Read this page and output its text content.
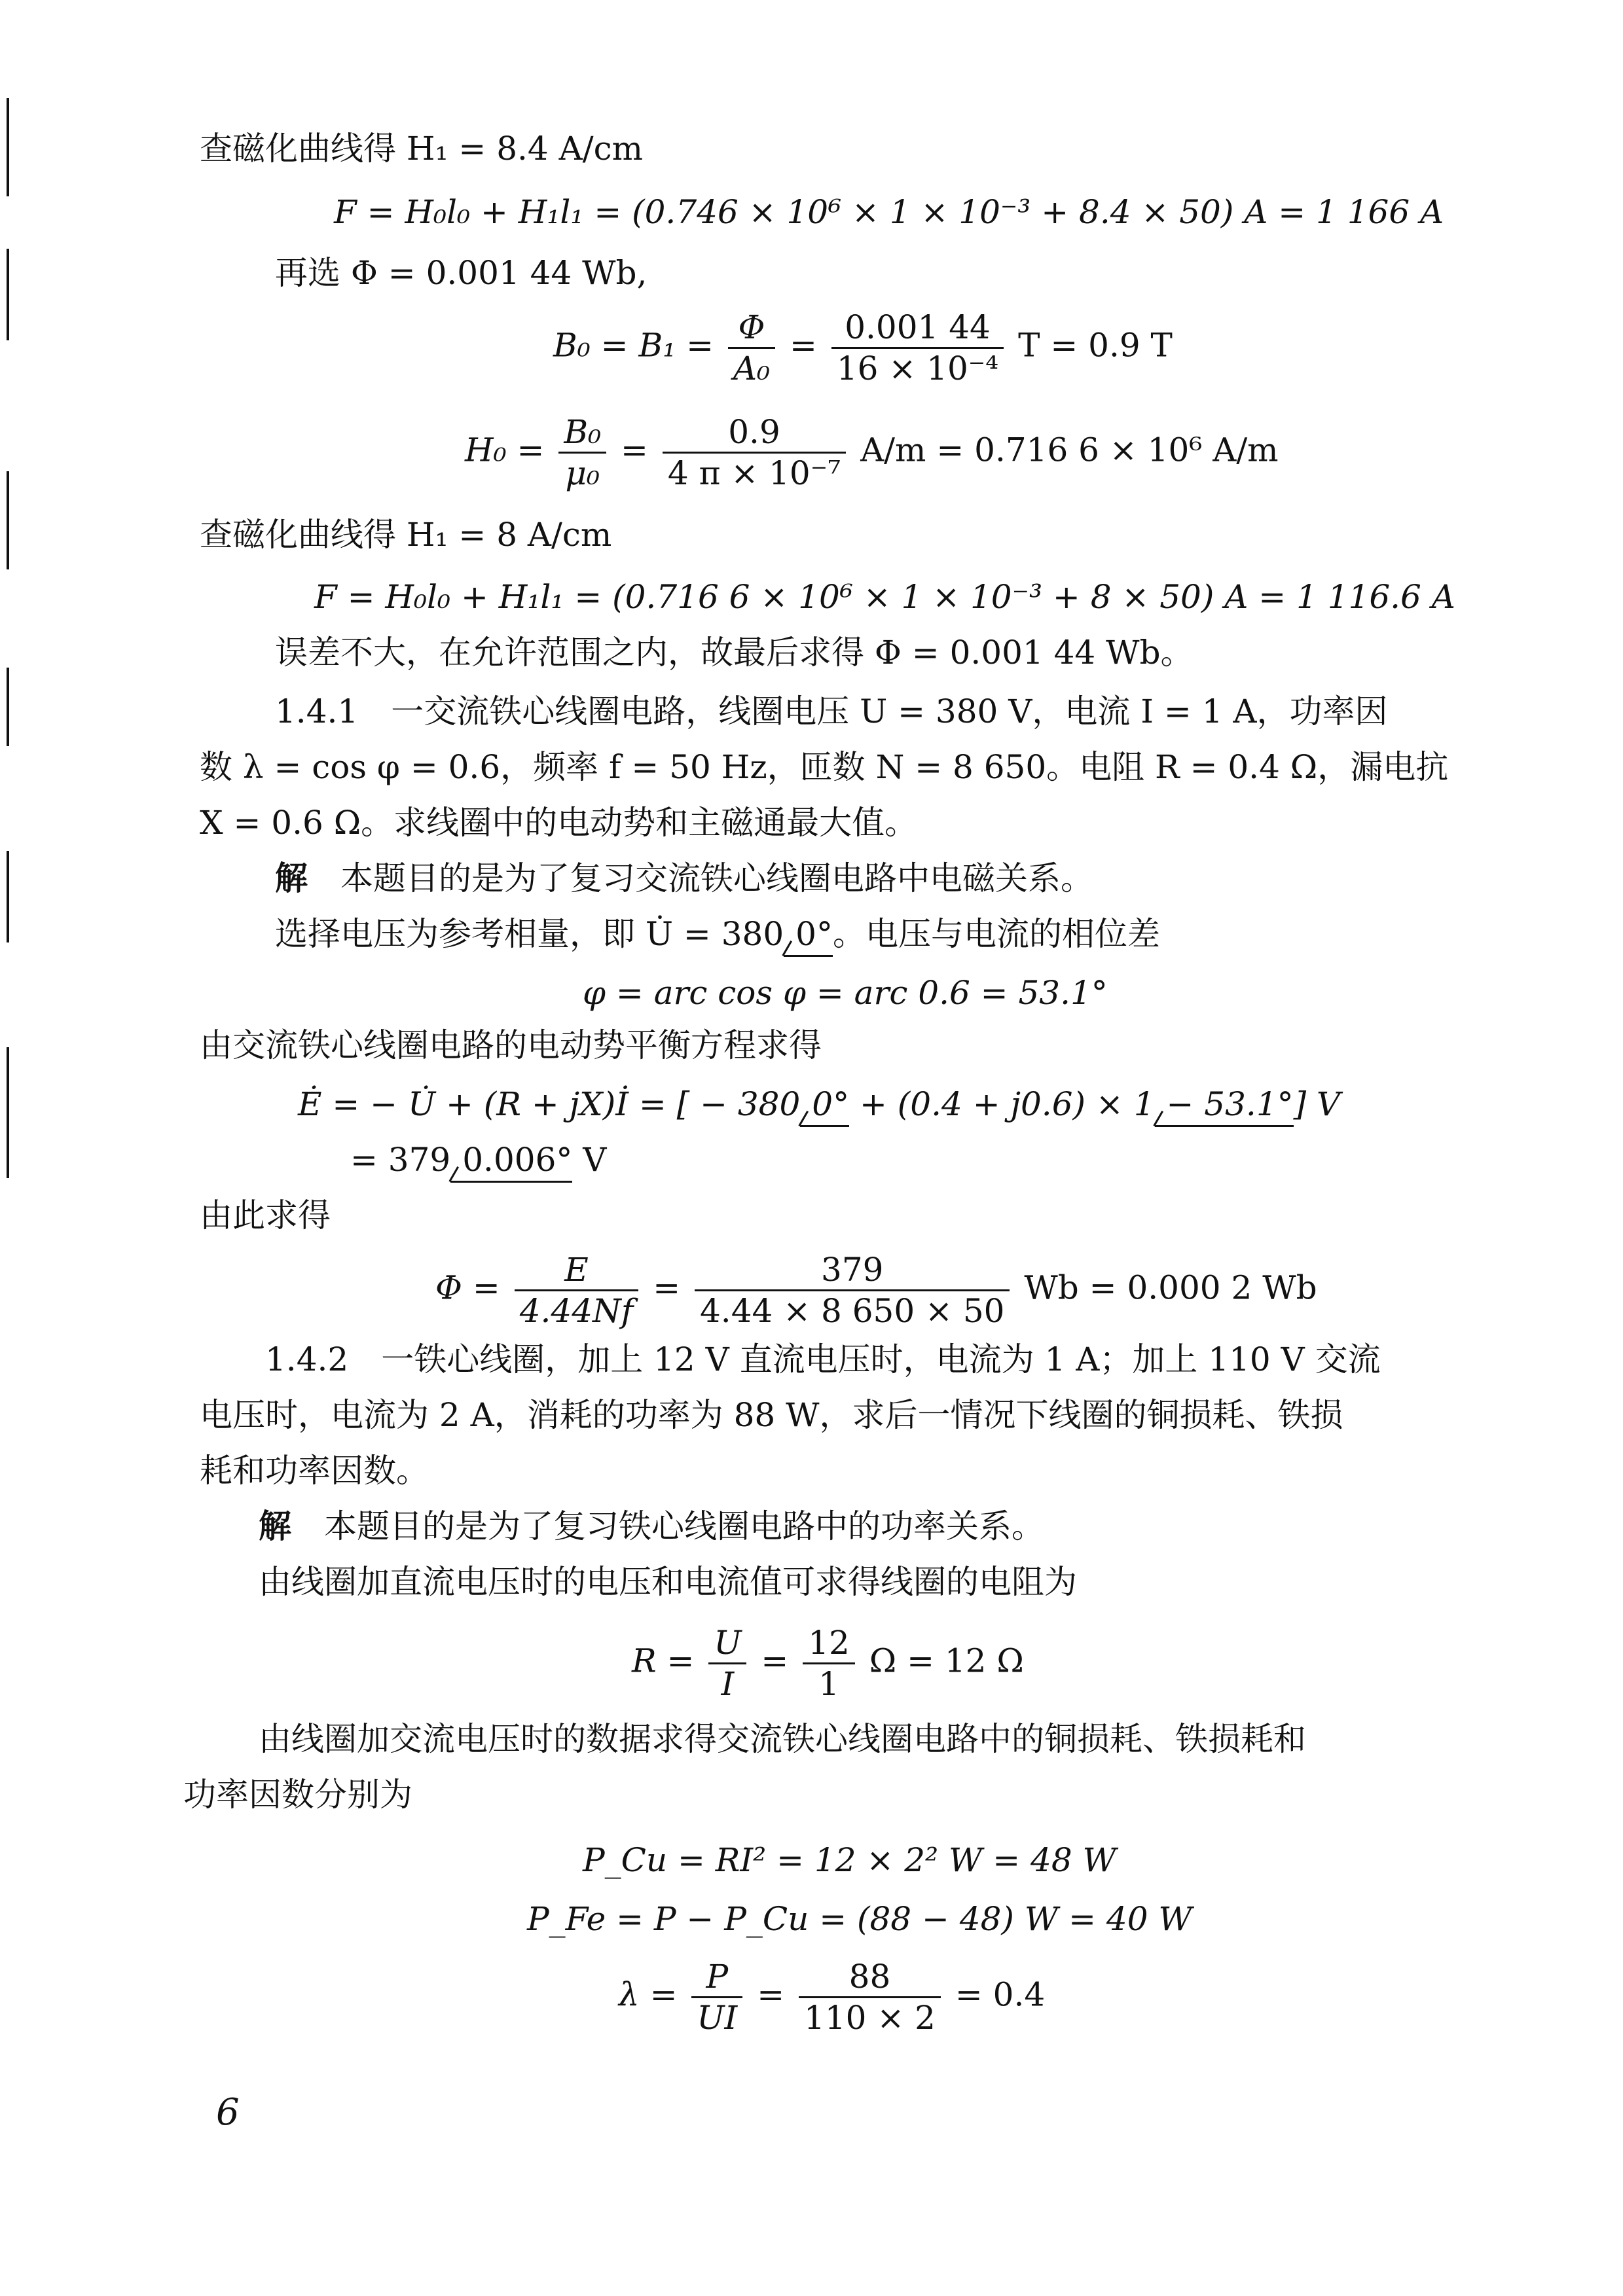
查磁化曲线得 H₁ = 8.4 A/cm
F = H₀l₀ + H₁l₁ = (0.746 × 10⁶ × 1 × 10⁻³ + 8.4 × 50) A = 1 166 A
再选 Φ = 0.001 44 Wb,
$B_0 = B_1 = \frac{\Phi}{\text{A₀}} = \frac{0.001 44}{\text{16 × 10⁻⁴}}$ T = 0.9 T
$H_0 = \frac{\text{B₀}}{\text{μ₀}} = \frac{0.9}{\text{4 π × 10⁻⁷}} A/m = 0.716$ 6 × 10⁶ A/m
查磁化曲线得 H₁ = 8 A/cm
F = H₀l₀ + H₁l₁ = (0.716 6 × 10⁶ × 1 × 10⁻³ + 8 × 50) A = 1 116.6 A
误差不大，在允许范围之内，故最后求得 Φ = 0.001 44 Wb。
1.4.1　一交流铁心线圈电路，线圈电压 U = 380 V，电流 I = 1 A，功率因
数 λ = cos φ = 0.6，频率 f = 50 Hz，匝数 N = 8 650。电阻 R = 0.4 Ω，漏电抗
X = 0.6 Ω。求线圈中的电动势和主磁通最大值。
解　 本题目的是为了复习交流铁心线圈电路中电磁关系。
选择电压为参考相量，即 U̇ = 380 0°。电压与电流的相位差
φ = arc cos φ = arc 0.6 = 53.1°
由交流铁心线圈电路的电动势平衡方程求得
Ė = − U̇ + (R + jX)İ = [ − 380 0° + (0.4 + j0.6) × 1 − 53.1°] V
= 379 0.006° V
由此求得
$\Phi = \frac{E}{4.44Nf} = \frac{379}{4.44 \times 8 650 \times 50}$ Wb = 0.000 2 Wb
1.4.2　一铁心线圈，加上 12 V 直流电压时，电流为 1 A；加上 110 V 交流
电压时，电流为 2 A，消耗的功率为 88 W，求后一情况下线圈的铜损耗、铁损
耗和功率因数。
解　 本题目的是为了复习铁心线圈电路中的功率关系。
由线圈加直流电压时的电压和电流值可求得线圈的电阻为
$R = \frac{U}{I} = \frac{12}{1}$ Ω = 12 Ω
由线圈加交流电压时的数据求得交流铁心线圈电路中的铜损耗、铁损耗和
功率因数分别为
P_Cu = RI² = 12 × 2² W = 48 W
P_Fe = P − P_Cu = (88 − 48) W = 40 W
$\lambda = \frac{P}{UI} = \frac{88}{110 \times 2} = 0.4$
6
